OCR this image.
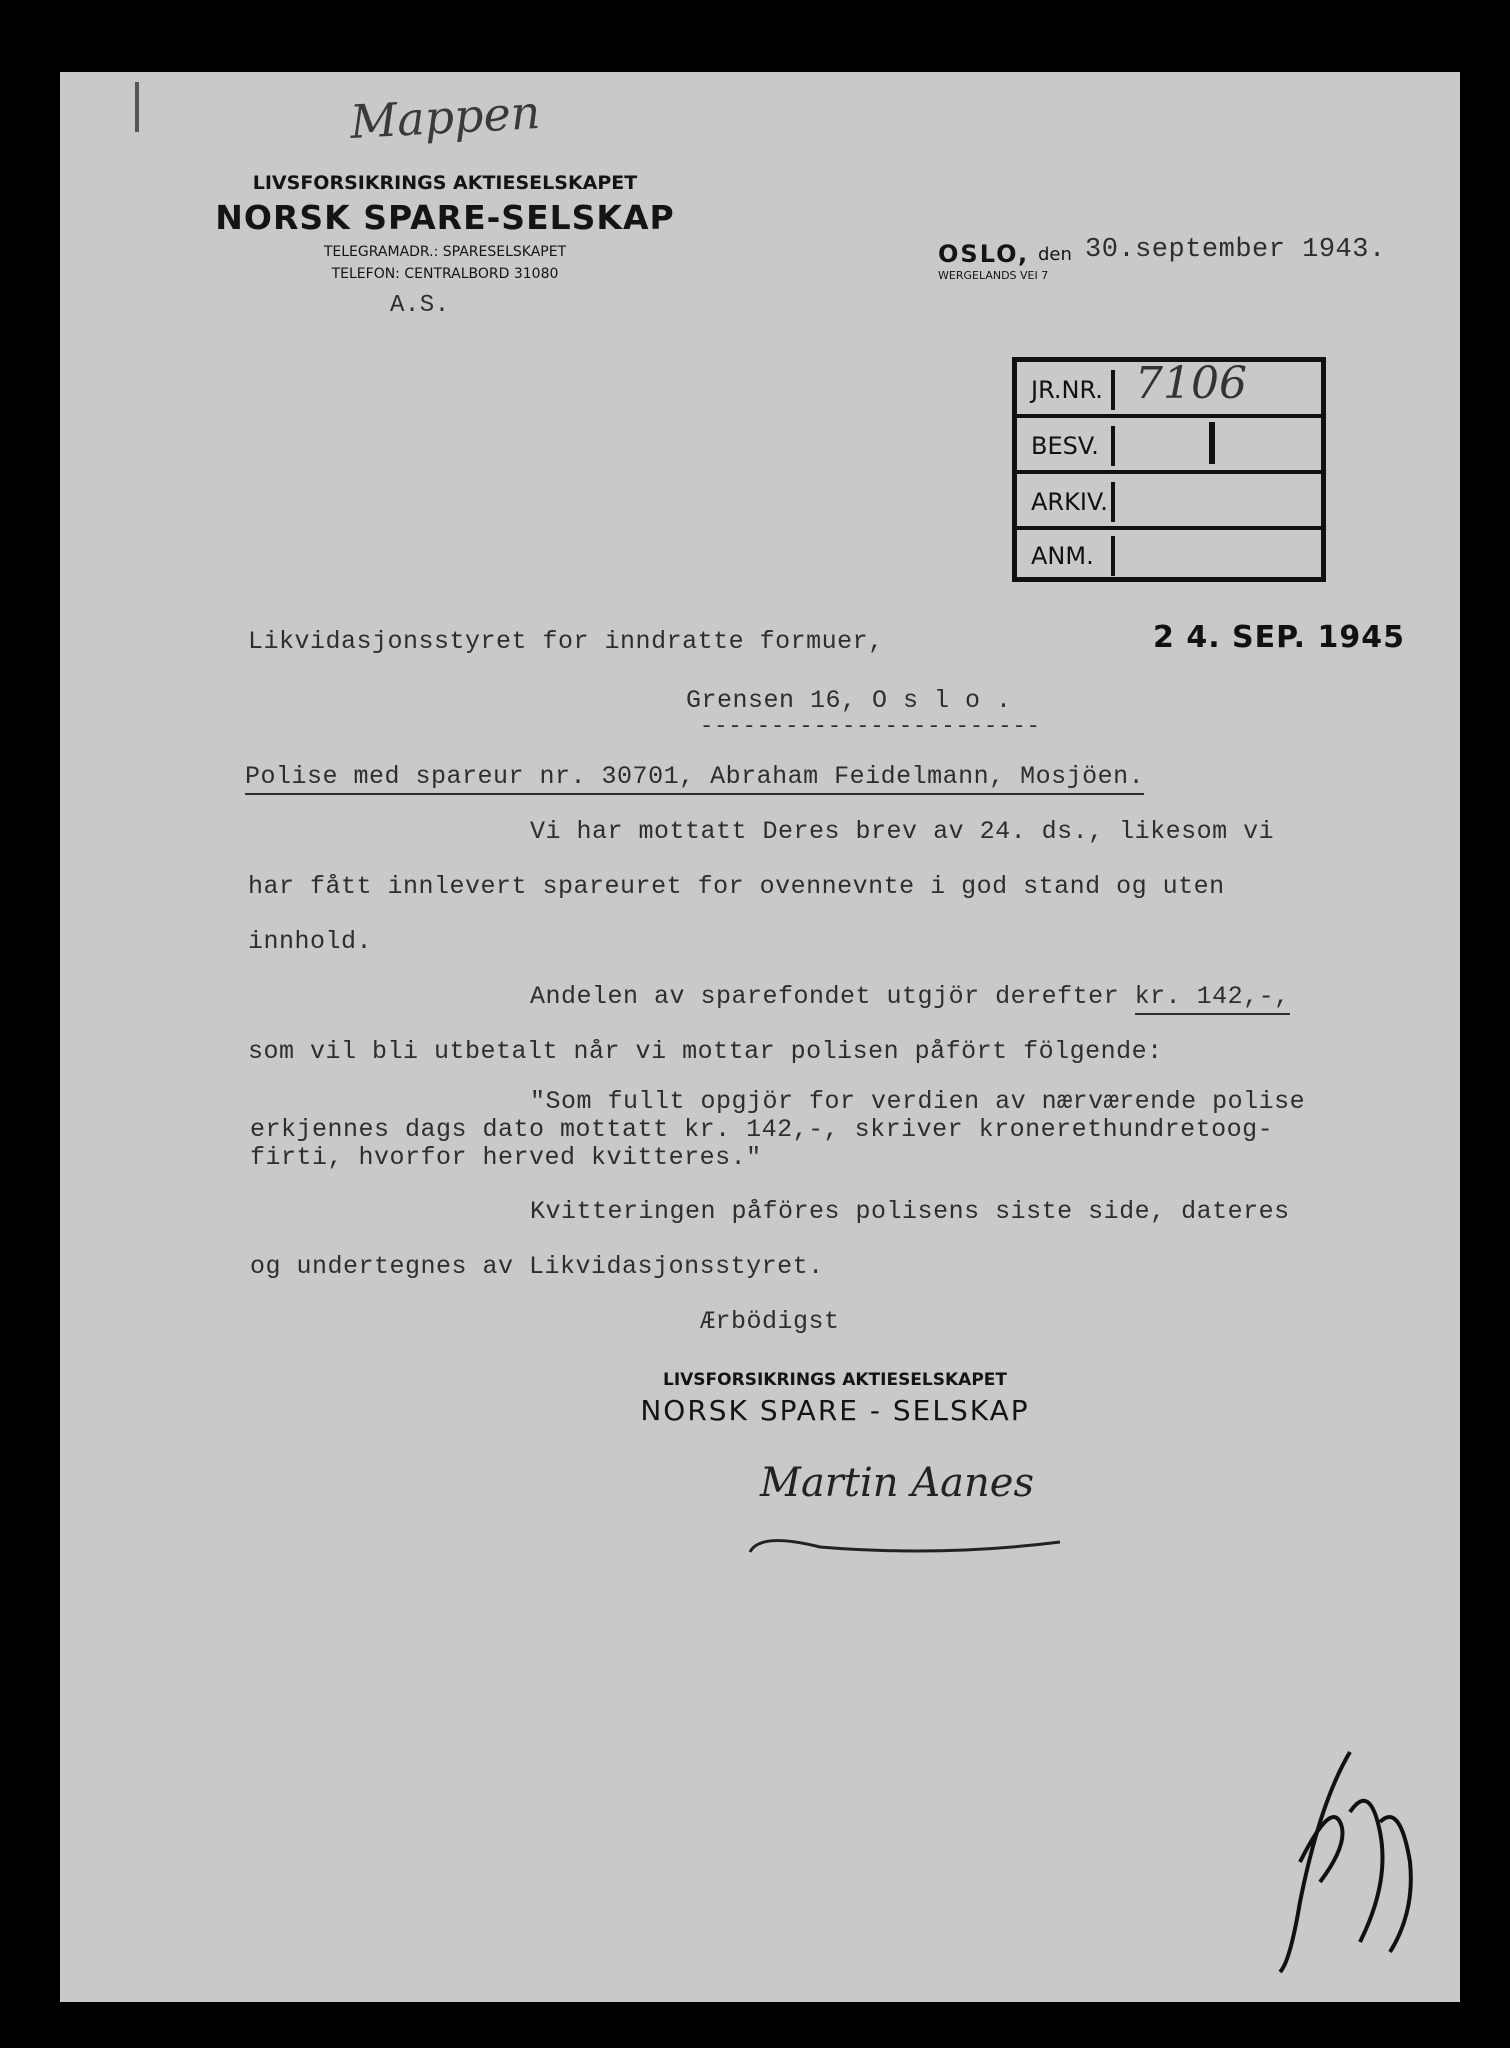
Mappen
LIVSFORSIKRINGS AKTIESELSKAPET
NORSK SPARE-SELSKAP
TELEGRAMADR.: SPARESELSKAPET
TELEFON: CENTRALBORD 31080
A.S.
OSLO, den 30.september 1943.
WERGELANDS VEI 7
JR.NR. 7106
BESV.
ARKIV.
ANM.
2 4. SEP. 1945
Likvidasjonsstyret for inndratte formuer,
Grensen 16, O s l o .
------------------------
Polise med spareur nr. 30701, Abraham Feidelmann, Mosjöen.
Vi har mottatt Deres brev av 24. ds., likesom vi
har fått innlevert spareuret for ovennevnte i god stand og uten
innhold.
Andelen av sparefondet utgjör derefter kr. 142,-,
som vil bli utbetalt når vi mottar polisen påfört fölgende:
"Som fullt opgjör for verdien av nærværende polise
erkjennes dags dato mottatt kr. 142,-, skriver kronerethundretoog-
firti, hvorfor herved kvitteres."
Kvitteringen påföres polisens siste side, dateres
og undertegnes av Likvidasjonsstyret.
Ærbödigst
LIVSFORSIKRINGS AKTIESELSKAPET
NORSK SPARE - SELSKAP
Martin Aanes
